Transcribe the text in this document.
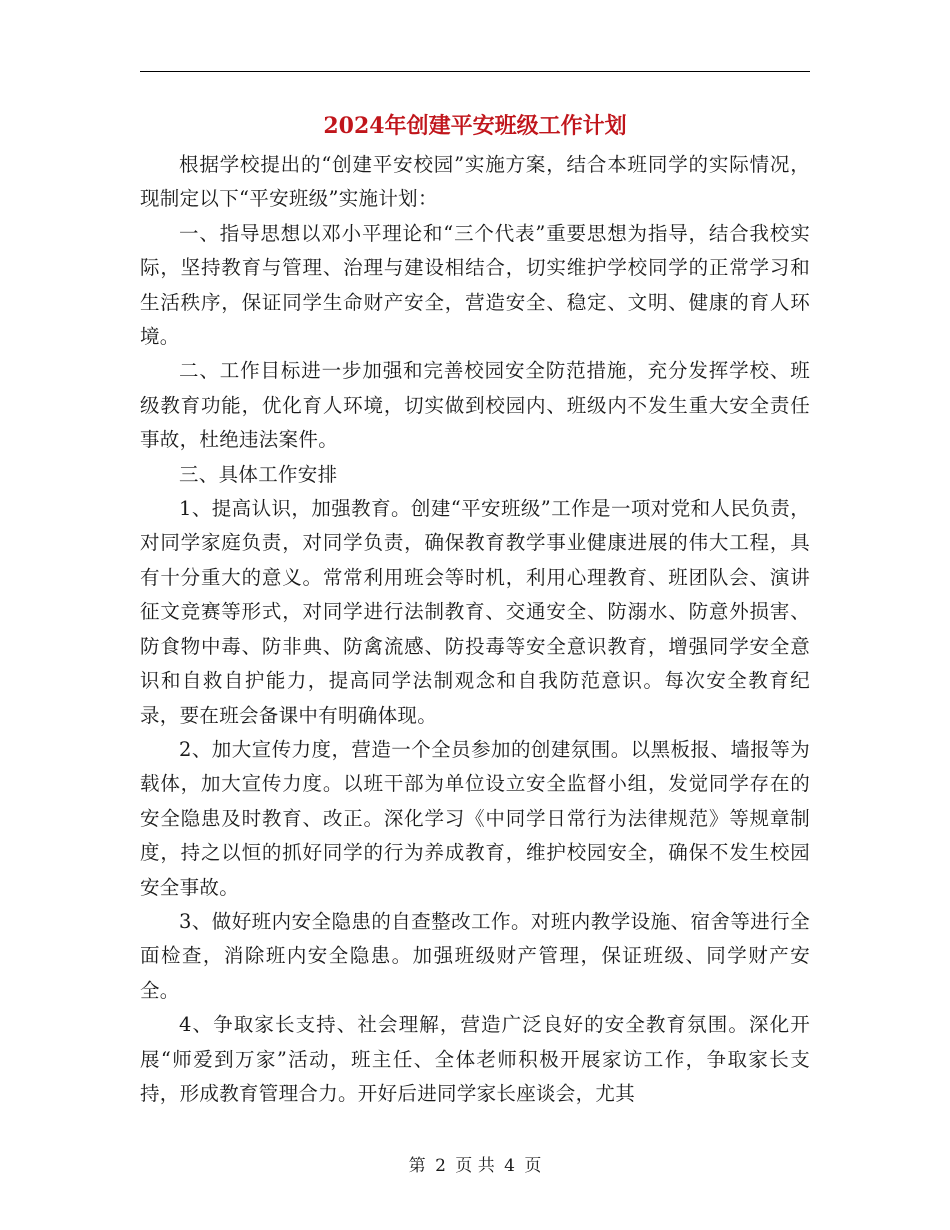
2024年创建平安班级工作计划

根据学校提出的“创建平安校园”实施方案，结合本班同学的实际情况，现制定以下“平安班级”实施计划：

一、指导思想以邓小平理论和“三个代表”重要思想为指导，结合我校实际，坚持教育与管理、治理与建设相结合，切实维护学校同学的正常学习和生活秩序，保证同学生命财产安全，营造安全、稳定、文明、健康的育人环境。

二、工作目标进一步加强和完善校园安全防范措施，充分发挥学校、班级教育功能，优化育人环境，切实做到校园内、班级内不发生重大安全责任事故，杜绝违法案件。

三、具体工作安排

1、提高认识，加强教育。创建“平安班级”工作是一项对党和人民负责，对同学家庭负责，对同学负责，确保教育教学事业健康进展的伟大工程，具有十分重大的意义。常常利用班会等时机，利用心理教育、班团队会、演讲征文竞赛等形式，对同学进行法制教育、交通安全、防溺水、防意外损害、防食物中毒、防非典、防禽流感、防投毒等安全意识教育，增强同学安全意识和自救自护能力，提高同学法制观念和自我防范意识。每次安全教育纪录，要在班会备课中有明确体现。

2、加大宣传力度，营造一个全员参加的创建氛围。以黑板报、墙报等为载体，加大宣传力度。以班干部为单位设立安全监督小组，发觉同学存在的安全隐患及时教育、改正。深化学习《中同学日常行为法律规范》等规章制度，持之以恒的抓好同学的行为养成教育，维护校园安全，确保不发生校园安全事故。

3、做好班内安全隐患的自查整改工作。对班内教学设施、宿舍等进行全面检查，消除班内安全隐患。加强班级财产管理，保证班级、同学财产安全。

4、争取家长支持、社会理解，营造广泛良好的安全教育氛围。深化开展“师爱到万家”活动，班主任、全体老师积极开展家访工作，争取家长支持，形成教育管理合力。开好后进同学家长座谈会，尤其

第 2 页 共 4 页
